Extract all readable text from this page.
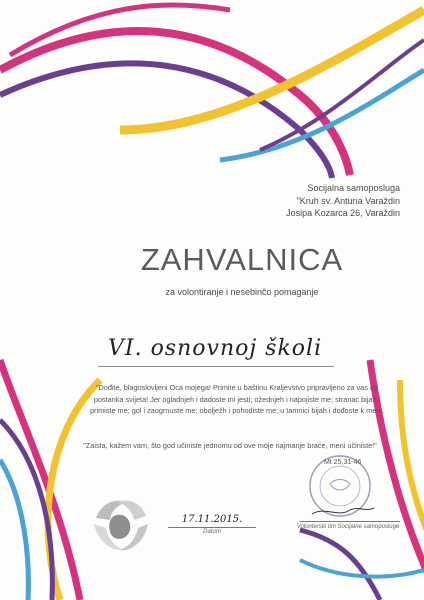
Socijalna samoposluga
"Kruh sv. Antuna Varaždin
Josipa Kozarca 26, Varaždin
ZAHVALNICA
za volontiranje i nesebinčo pomaganje
VI. osnovnoj školi
"Dođite, blagoslovljeni Oca mojega! Primite u baštinu Kraljevstvo pripravljeno za vas od
postanka svijeta! Jer ogladnjeh i dadoste mi jesti; ožednjeh i napojiste me; stranac bijah i
primiste me; gol i zaogrnuste me; obolježh i pohodiste me; u tamnici bijah i dođoste k meni.
"Zaista, kažem vam, što god učiniste jednomu od ove moje najmanje braće, meni učiniste!"
Mt 25,31-46
17.11.2015.
Datum
Volonterski tim Socijalne samoposluge
